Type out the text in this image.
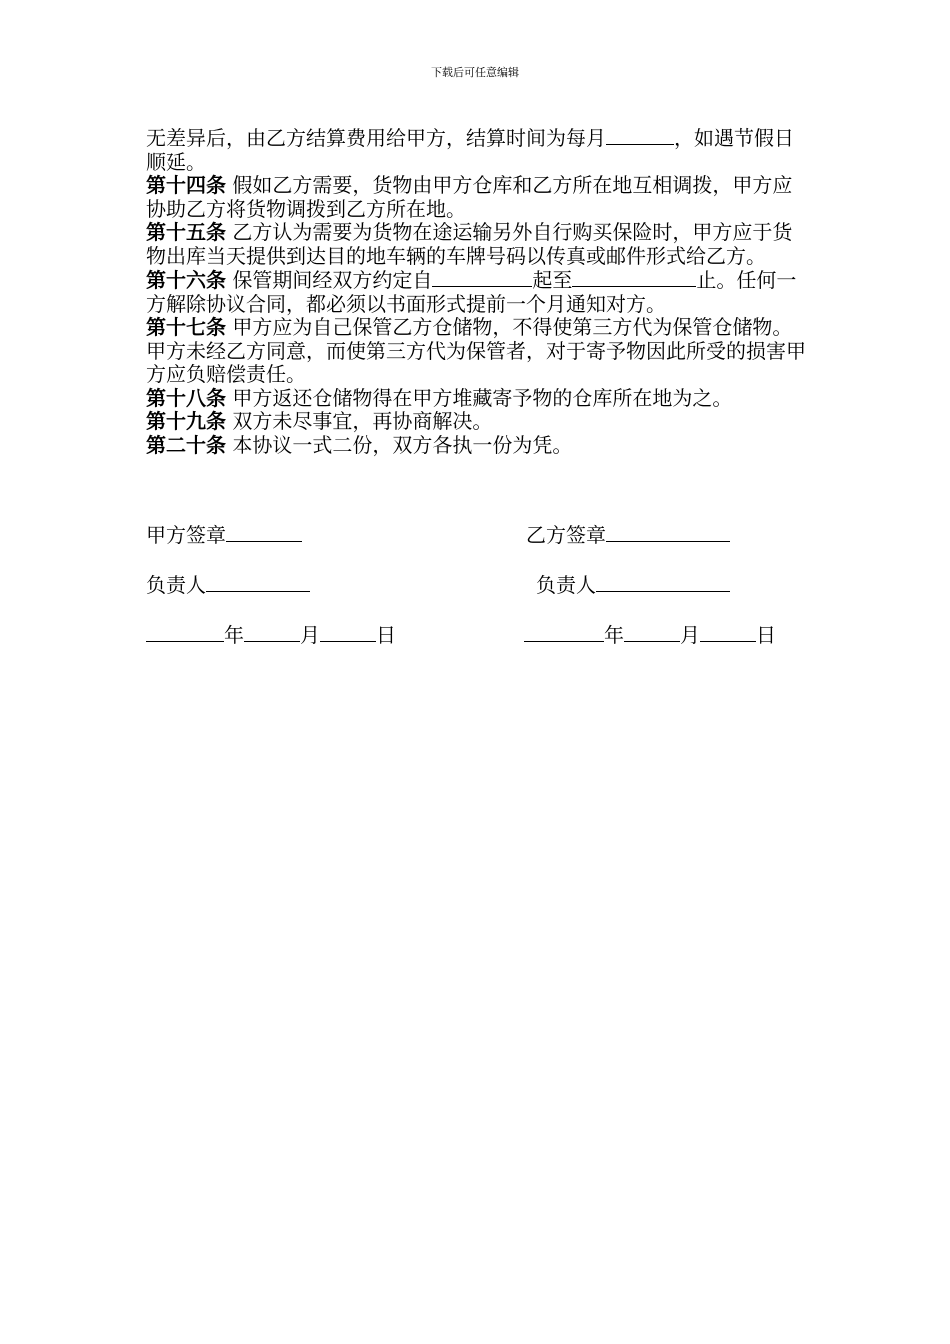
下载后可任意编辑

无差异后，由乙方结算费用给甲方，结算时间为每月	，如遇节假日顺延。

第十四条 假如乙方需要，货物由甲方仓库和乙方所在地互相调拨，甲方应协助乙方将货物调拨到乙方所在地。

第十五条 乙方认为需要为货物在途运输另外自行购买保险时，甲方应于货物出库当天提供到达目的地车辆的车牌号码以传真或邮件形式给乙方。

第十六条 保管期间经双方约定自	起至	止。任何一方解除协议合同，都必须以书面形式提前一个月通知对方。

第十七条 甲方应为自己保管乙方仓储物，不得使第三方代为保管仓储物。甲方未经乙方同意，而使第三方代为保管者，对于寄予物因此所受的损害甲方应负赔偿责任。

第十八条 甲方返还仓储物得在甲方堆藏寄予物的仓库所在地为之。

第十九条 双方未尽事宜，再协商解决。

第二十条 本协议一式二份，双方各执一份为凭。

甲方签章	乙方签章
负责人	负责人
年	月	日	年	月	日
